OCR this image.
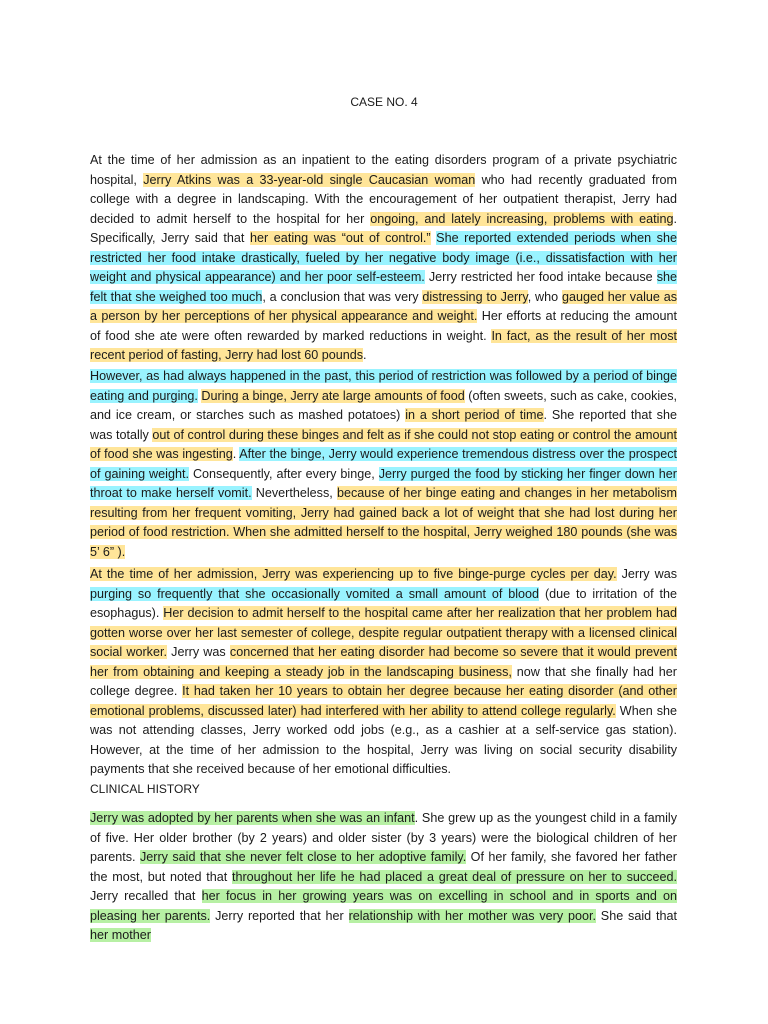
CASE NO. 4
At the time of her admission as an inpatient to the eating disorders program of a private psychiatric hospital, Jerry Atkins was a 33-year-old single Caucasian woman who had recently graduated from college with a degree in landscaping. With the encouragement of her outpatient therapist, Jerry had decided to admit herself to the hospital for her ongoing, and lately increasing, problems with eating. Specifically, Jerry said that her eating was “out of control.” She reported extended periods when she restricted her food intake drastically, fueled by her negative body image (i.e., dissatisfaction with her weight and physical appearance) and her poor self-esteem. Jerry restricted her food intake because she felt that she weighed too much, a conclusion that was very distressing to Jerry, who gauged her value as a person by her perceptions of her physical appearance and weight. Her efforts at reducing the amount of food she ate were often rewarded by marked reductions in weight. In fact, as the result of her most recent period of fasting, Jerry had lost 60 pounds.
However, as had always happened in the past, this period of restriction was followed by a period of binge eating and purging. During a binge, Jerry ate large amounts of food (often sweets, such as cake, cookies, and ice cream, or starches such as mashed potatoes) in a short period of time. She reported that she was totally out of control during these binges and felt as if she could not stop eating or control the amount of food she was ingesting. After the binge, Jerry would experience tremendous distress over the prospect of gaining weight. Consequently, after every binge, Jerry purged the food by sticking her finger down her throat to make herself vomit. Nevertheless, because of her binge eating and changes in her metabolism resulting from her frequent vomiting, Jerry had gained back a lot of weight that she had lost during her period of food restriction. When she admitted herself to the hospital, Jerry weighed 180 pounds (she was 5’ 6” ).
At the time of her admission, Jerry was experiencing up to five binge-purge cycles per day. Jerry was purging so frequently that she occasionally vomited a small amount of blood (due to irritation of the esophagus). Her decision to admit herself to the hospital came after her realization that her problem had gotten worse over her last semester of college, despite regular outpatient therapy with a licensed clinical social worker. Jerry was concerned that her eating disorder had become so severe that it would prevent her from obtaining and keeping a steady job in the landscaping business, now that she finally had her college degree. It had taken her 10 years to obtain her degree because her eating disorder (and other emotional problems, discussed later) had interfered with her ability to attend college regularly. When she was not attending classes, Jerry worked odd jobs (e.g., as a cashier at a self-service gas station). However, at the time of her admission to the hospital, Jerry was living on social security disability payments that she received because of her emotional difficulties.
CLINICAL HISTORY
Jerry was adopted by her parents when she was an infant. She grew up as the youngest child in a family of five. Her older brother (by 2 years) and older sister (by 3 years) were the biological children of her parents. Jerry said that she never felt close to her adoptive family. Of her family, she favored her father the most, but noted that throughout her life he had placed a great deal of pressure on her to succeed. Jerry recalled that her focus in her growing years was on excelling in school and in sports and on pleasing her parents. Jerry reported that her relationship with her mother was very poor. She said that her mother
